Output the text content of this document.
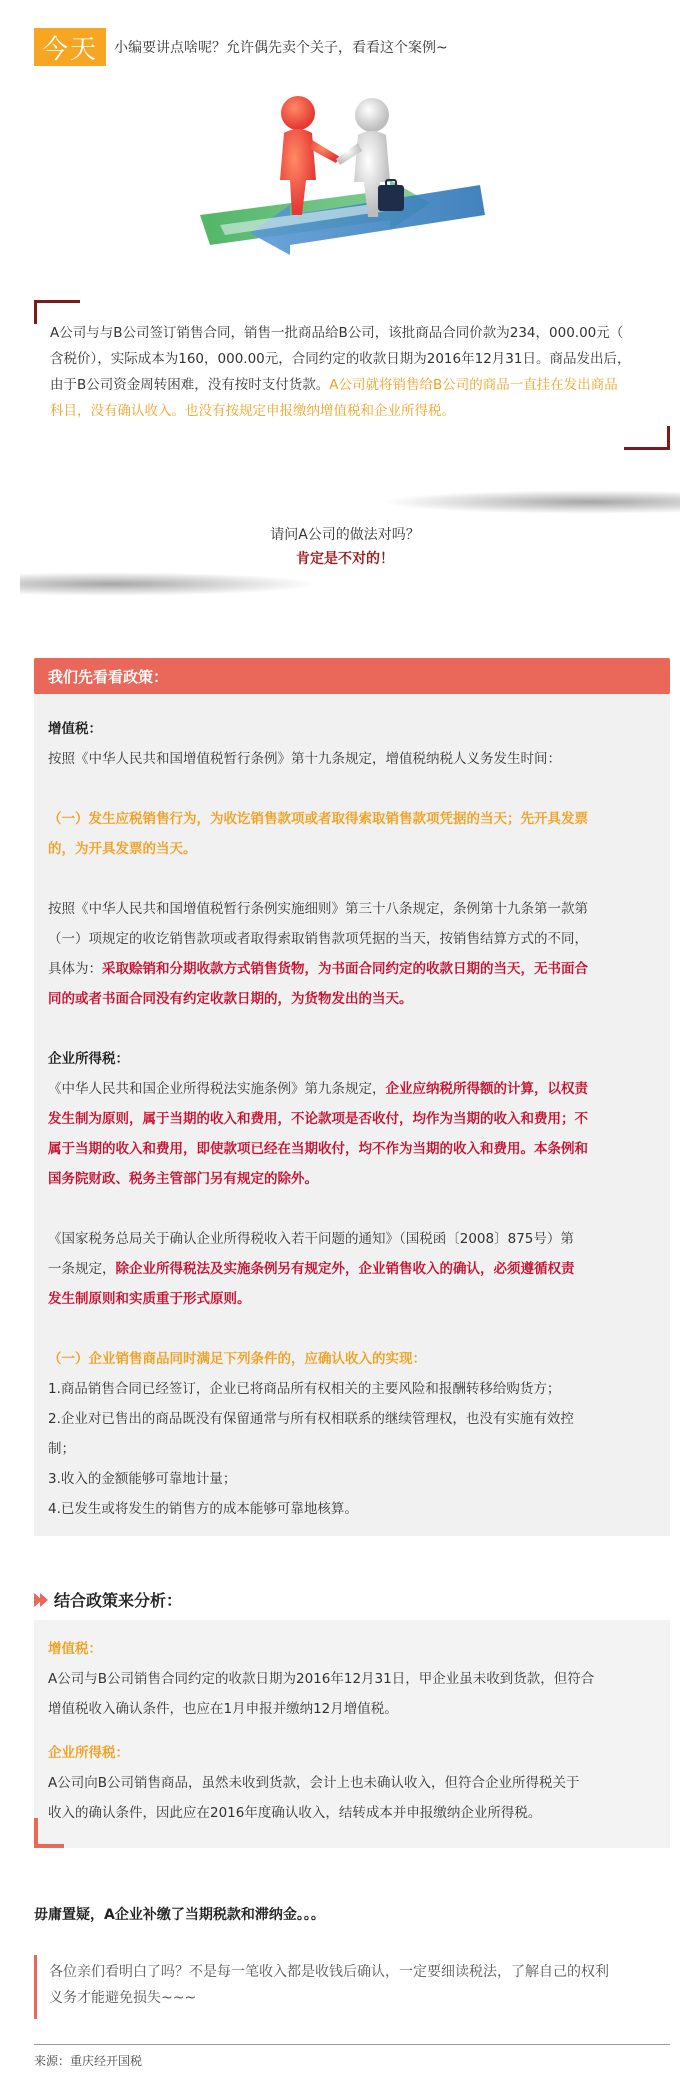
今天	小编要讲点啥呢？允许偶先卖个关子，看看这个案例~
A公司与与B公司签订销售合同，销售一批商品给B公司，该批商品合同价款为234，000.00元（
含税价），实际成本为160，000.00元，合同约定的收款日期为2016年12月31日。商品发出后，
由于B公司资金周转困难，没有按时支付货款。A公司就将销售给B公司的商品一直挂在发出商品
科目，没有确认收入。也没有按规定申报缴纳增值税和企业所得税。
请问A公司的做法对吗？
肯定是不对的！
我们先看看政策：

增值税：

按照《中华人民共和国增值税暂行条例》第十九条规定，增值税纳税人义务发生时间：

（一）发生应税销售行为，为收讫销售款项或者取得索取销售款项凭据的当天；先开具发票

的，为开具发票的当天。

按照《中华人民共和国增值税暂行条例实施细则》第三十八条规定，条例第十九条第一款第

（一）项规定的收讫销售款项或者取得索取销售款项凭据的当天，按销售结算方式的不同，

具体为：采取赊销和分期收款方式销售货物，为书面合同约定的收款日期的当天，无书面合

同的或者书面合同没有约定收款日期的，为货物发出的当天。

企业所得税：

《中华人民共和国企业所得税法实施条例》第九条规定，企业应纳税所得额的计算，以权责

发生制为原则，属于当期的收入和费用，不论款项是否收付，均作为当期的收入和费用；不

属于当期的收入和费用，即使款项已经在当期收付，均不作为当期的收入和费用。本条例和

国务院财政、税务主管部门另有规定的除外。

《国家税务总局关于确认企业所得税收入若干问题的通知》（国税函〔2008〕875号）第

一条规定，除企业所得税法及实施条例另有规定外，企业销售收入的确认，必须遵循权责

发生制原则和实质重于形式原则。

（一）企业销售商品同时满足下列条件的，应确认收入的实现：

1.商品销售合同已经签订，企业已将商品所有权相关的主要风险和报酬转移给购货方；

2.企业对已售出的商品既没有保留通常与所有权相联系的继续管理权，也没有实施有效控

制；

3.收入的金额能够可靠地计量；

4.已发生或将发生的销售方的成本能够可靠地核算。

结合政策来分析：

增值税：

A公司与B公司销售合同约定的收款日期为2016年12月31日，甲企业虽未收到货款，但符合

增值税收入确认条件，也应在1月申报并缴纳12月增值税。

企业所得税：

A公司向B公司销售商品，虽然未收到货款，会计上也未确认收入，但符合企业所得税关于

收入的确认条件，因此应在2016年度确认收入，结转成本并申报缴纳企业所得税。

毋庸置疑，A企业补缴了当期税款和滞纳金。。。
各位亲们看明白了吗？不是每一笔收入都是收钱后确认，一定要细读税法，了解自己的权利
义务才能避免损失~~~
来源：重庆经开国税
